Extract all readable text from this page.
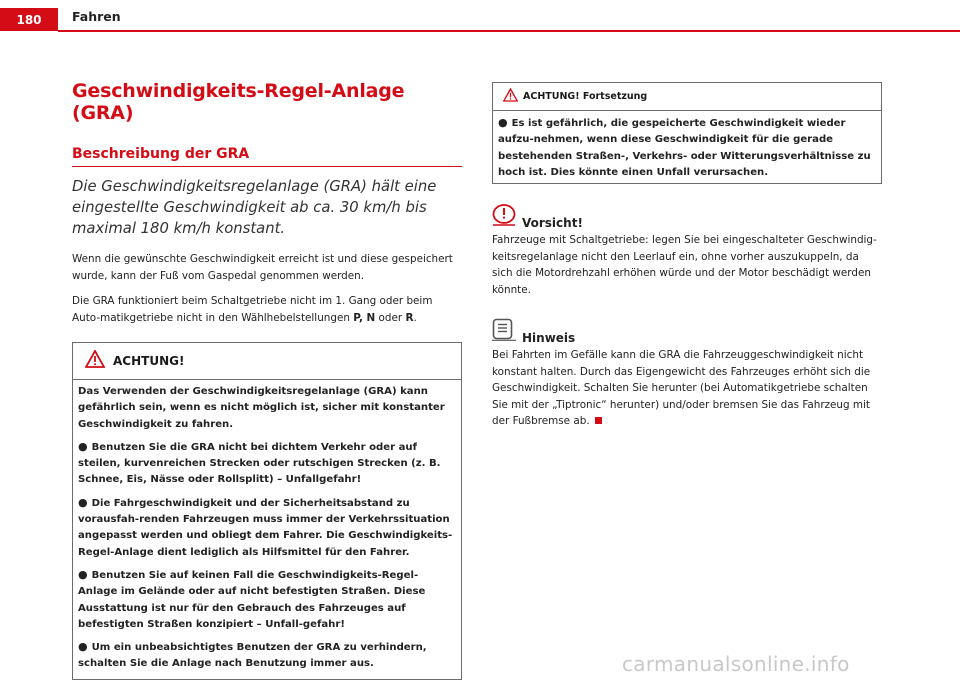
180	Fahren
Geschwindigkeits-Regel-Anlage (GRA)
Beschreibung der GRA

Die Geschwindigkeitsregelanlage (GRA) hält eine eingestellte Geschwindigkeit ab ca. 30 km/h bis maximal 180 km/h konstant.

Wenn die gewünschte Geschwindigkeit erreicht ist und diese gespeichert wurde, kann der Fuß vom Gaspedal genommen werden.

Die GRA funktioniert beim Schaltgetriebe nicht im 1. Gang oder beim Auto-matikgetriebe nicht in den Wählhebelstellungen P, N oder R.

ACHTUNG!

Das Verwenden der Geschwindigkeitsregelanlage (GRA) kann gefährlich sein, wenn es nicht möglich ist, sicher mit konstanter Geschwindigkeit zu fahren.

● Benutzen Sie die GRA nicht bei dichtem Verkehr oder auf steilen, kurvenreichen Strecken oder rutschigen Strecken (z. B. Schnee, Eis, Nässe oder Rollsplitt) – Unfallgefahr!

● Die Fahrgeschwindigkeit und der Sicherheitsabstand zu vorausfah-renden Fahrzeugen muss immer der Verkehrssituation angepasst werden und obliegt dem Fahrer. Die Geschwindigkeits-Regel-Anlage dient lediglich als Hilfsmittel für den Fahrer.

● Benutzen Sie auf keinen Fall die Geschwindigkeits-Regel-Anlage im Gelände oder auf nicht befestigten Straßen. Diese Ausstattung ist nur für den Gebrauch des Fahrzeuges auf befestigten Straßen konzipiert – Unfall-gefahr!

● Um ein unbeabsichtigtes Benutzen der GRA zu verhindern, schalten Sie die Anlage nach Benutzung immer aus.

ACHTUNG! Fortsetzung

● Es ist gefährlich, die gespeicherte Geschwindigkeit wieder aufzu-nehmen, wenn diese Geschwindigkeit für die gerade bestehenden Straßen-, Verkehrs- oder Witterungsverhältnisse zu hoch ist. Dies könnte einen Unfall verursachen.

Vorsicht!

Fahrzeuge mit Schaltgetriebe: legen Sie bei eingeschalteter Geschwindig-keitsregelanlage nicht den Leerlauf ein, ohne vorher auszukuppeln, da sich die Motordrehzahl erhöhen würde und der Motor beschädigt werden könnte.

Hinweis

Bei Fahrten im Gefälle kann die GRA die Fahrzeuggeschwindigkeit nicht konstant halten. Durch das Eigengewicht des Fahrzeuges erhöht sich die Geschwindigkeit. Schalten Sie herunter (bei Automatikgetriebe schalten Sie mit der „Tiptronic“ herunter) und/oder bremsen Sie das Fahrzeug mit der Fußbremse ab.

carmanualsonline.info
